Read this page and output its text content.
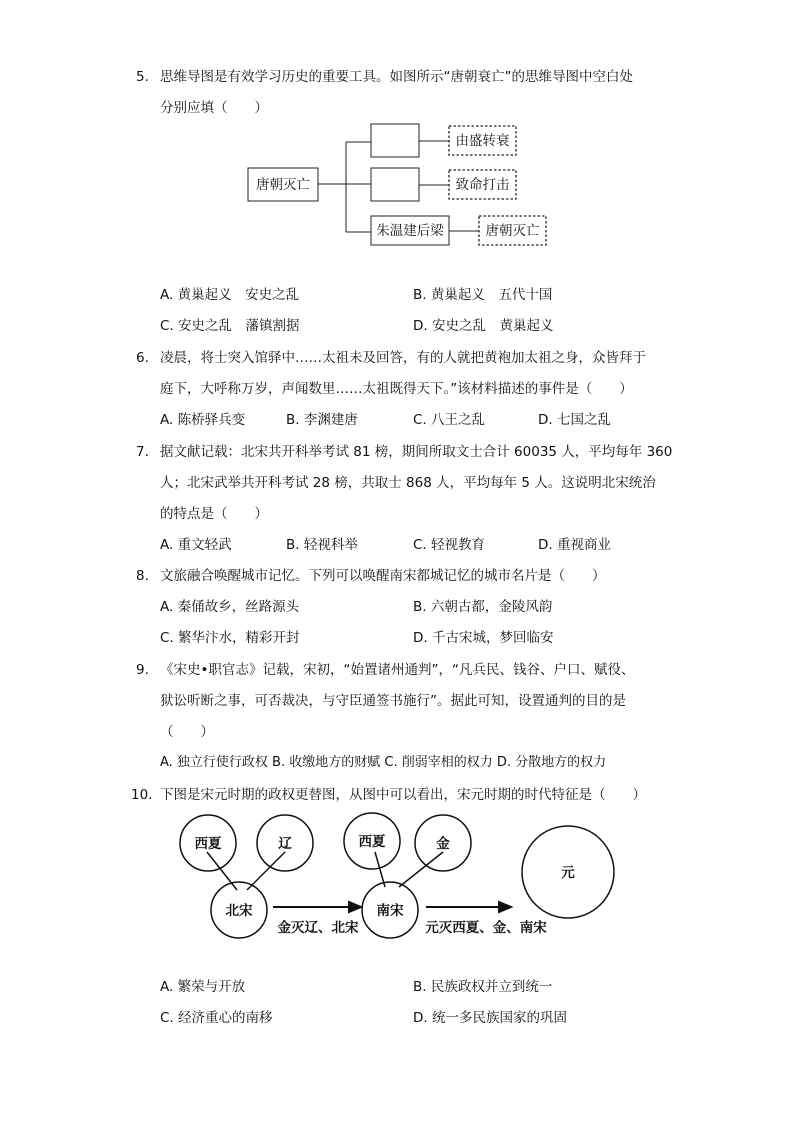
5. 思维导图是有效学习历史的重要工具。如图所示“唐朝衰亡”的思维导图中空白处
分别应填（　　）
唐朝灭亡
由盛转衰
致命打击
朱温建后梁	唐朝灭亡
A. 黄巢起义　安史之乱	B. 黄巢起义　五代十国
C. 安史之乱　藩镇割据	D. 安史之乱　黄巢起义
6. 凌晨，将士突入馆驿中……太祖未及回答，有的人就把黄袍加太祖之身，众皆拜于
庭下，大呼称万岁，声闻数里……太祖既得天下。”该材料描述的事件是（　　）
A. 陈桥驿兵变	B. 李渊建唐	C. 八王之乱	D. 七国之乱
7. 据文献记载：北宋共开科举考试 81 榜，期间所取文士合计 60035 人，平均每年 360
人；北宋武举共开科考试 28 榜，共取士 868 人，平均每年 5 人。这说明北宋统治
的特点是（　　）
A. 重文轻武	B. 轻视科举	C. 轻视教育	D. 重视商业
8. 文旅融合唤醒城市记忆。下列可以唤醒南宋都城记忆的城市名片是（　　）
A. 秦俑故乡，丝路源头	B. 六朝古都，金陵风韵
C. 繁华汴水，精彩开封	D. 千古宋城，梦回临安
9. 《宋史•职官志》记载，宋初，“始置诸州通判”，“凡兵民、钱谷、户口、赋役、
狱讼听断之事，可否裁决，与守臣通签书施行”。据此可知，设置通判的目的是
（　　）
A. 独立行使行政权 B. 收缴地方的财赋 C. 削弱宰相的权力 D. 分散地方的权力
10. 下图是宋元时期的政权更替图，从图中可以看出，宋元时期的时代特征是（　　）
西夏	辽
北宋
西夏	金
南宋
元
金灭辽、北宋	元灭西夏、金、南宋
A. 繁荣与开放	B. 民族政权并立到统一
C. 经济重心的南移	D. 统一多民族国家的巩固
